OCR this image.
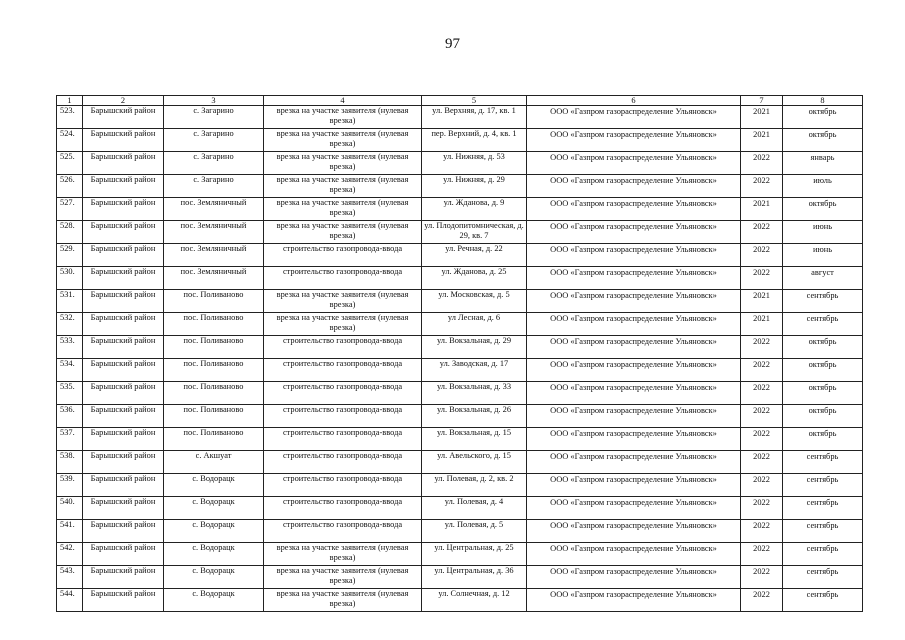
97
1	2	3	4	5	6	7	8
523.	Барышский район	с. Загарино	врезка на участке заявителя (нулевая врезка)	ул. Верхняя, д. 17, кв. 1	ООО «Газпром газораспределение Ульяновск»	2021	октябрь
524.	Барышский район	с. Загарино	врезка на участке заявителя (нулевая врезка)	пер. Верхний, д. 4, кв. 1	ООО «Газпром газораспределение Ульяновск»	2021	октябрь
525.	Барышский район	с. Загарино	врезка на участке заявителя (нулевая врезка)	ул. Нижняя, д. 53	ООО «Газпром газораспределение Ульяновск»	2022	январь
526.	Барышский район	с. Загарино	врезка на участке заявителя (нулевая врезка)	ул. Нижняя, д. 29	ООО «Газпром газораспределение Ульяновск»	2022	июль
527.	Барышский район	пос. Земляничный	врезка на участке заявителя (нулевая врезка)	ул. Жданова, д. 9	ООО «Газпром газораспределение Ульяновск»	2021	октябрь
528.	Барышский район	пос. Земляничный	врезка на участке заявителя (нулевая врезка)	ул. Плодопитомническая, д. 29, кв. 7	ООО «Газпром газораспределение Ульяновск»	2022	июнь
529.	Барышский район	пос. Земляничный	строительство газопровода-ввода	ул. Речная, д. 22	ООО «Газпром газораспределение Ульяновск»	2022	июнь
530.	Барышский район	пос. Земляничный	строительство газопровода-ввода	ул. Жданова, д. 25	ООО «Газпром газораспределение Ульяновск»	2022	август
531.	Барышский район	пос. Поливаново	врезка на участке заявителя (нулевая врезка)	ул. Московская, д. 5	ООО «Газпром газораспределение Ульяновск»	2021	сентябрь
532.	Барышский район	пос. Поливаново	врезка на участке заявителя (нулевая врезка)	ул Лесная, д. 6	ООО «Газпром газораспределение Ульяновск»	2021	сентябрь
533.	Барышский район	пос. Поливаново	строительство газопровода-ввода	ул. Вокзальная, д. 29	ООО «Газпром газораспределение Ульяновск»	2022	октябрь
534.	Барышский район	пос. Поливаново	строительство газопровода-ввода	ул. Заводская, д. 17	ООО «Газпром газораспределение Ульяновск»	2022	октябрь
535.	Барышский район	пос. Поливаново	строительство газопровода-ввода	ул. Вокзальная, д. 33	ООО «Газпром газораспределение Ульяновск»	2022	октябрь
536.	Барышский район	пос. Поливаново	строительство газопровода-ввода	ул. Вокзальная, д. 26	ООО «Газпром газораспределение Ульяновск»	2022	октябрь
537.	Барышский район	пос. Поливаново	строительство газопровода-ввода	ул. Вокзальная, д. 15	ООО «Газпром газораспределение Ульяновск»	2022	октябрь
538.	Барышский район	с. Акшуат	строительство газопровода-ввода	ул. Авельского, д. 15	ООО «Газпром газораспределение Ульяновск»	2022	сентябрь
539.	Барышский район	с. Водорацк	строительство газопровода-ввода	ул. Полевая, д. 2, кв. 2	ООО «Газпром газораспределение Ульяновск»	2022	сентябрь
540.	Барышский район	с. Водорацк	строительство газопровода-ввода	ул. Полевая, д. 4	ООО «Газпром газораспределение Ульяновск»	2022	сентябрь
541.	Барышский район	с. Водорацк	строительство газопровода-ввода	ул. Полевая, д. 5	ООО «Газпром газораспределение Ульяновск»	2022	сентябрь
542.	Барышский район	с. Водорацк	врезка на участке заявителя (нулевая врезка)	ул. Центральная, д. 25	ООО «Газпром газораспределение Ульяновск»	2022	сентябрь
543.	Барышский район	с. Водорацк	врезка на участке заявителя (нулевая врезка)	ул. Центральная, д. 36	ООО «Газпром газораспределение Ульяновск»	2022	сентябрь
544.	Барышский район	с. Водорацк	врезка на участке заявителя (нулевая врезка)	ул. Солнечная, д. 12	ООО «Газпром газораспределение Ульяновск»	2022	сентябрь
